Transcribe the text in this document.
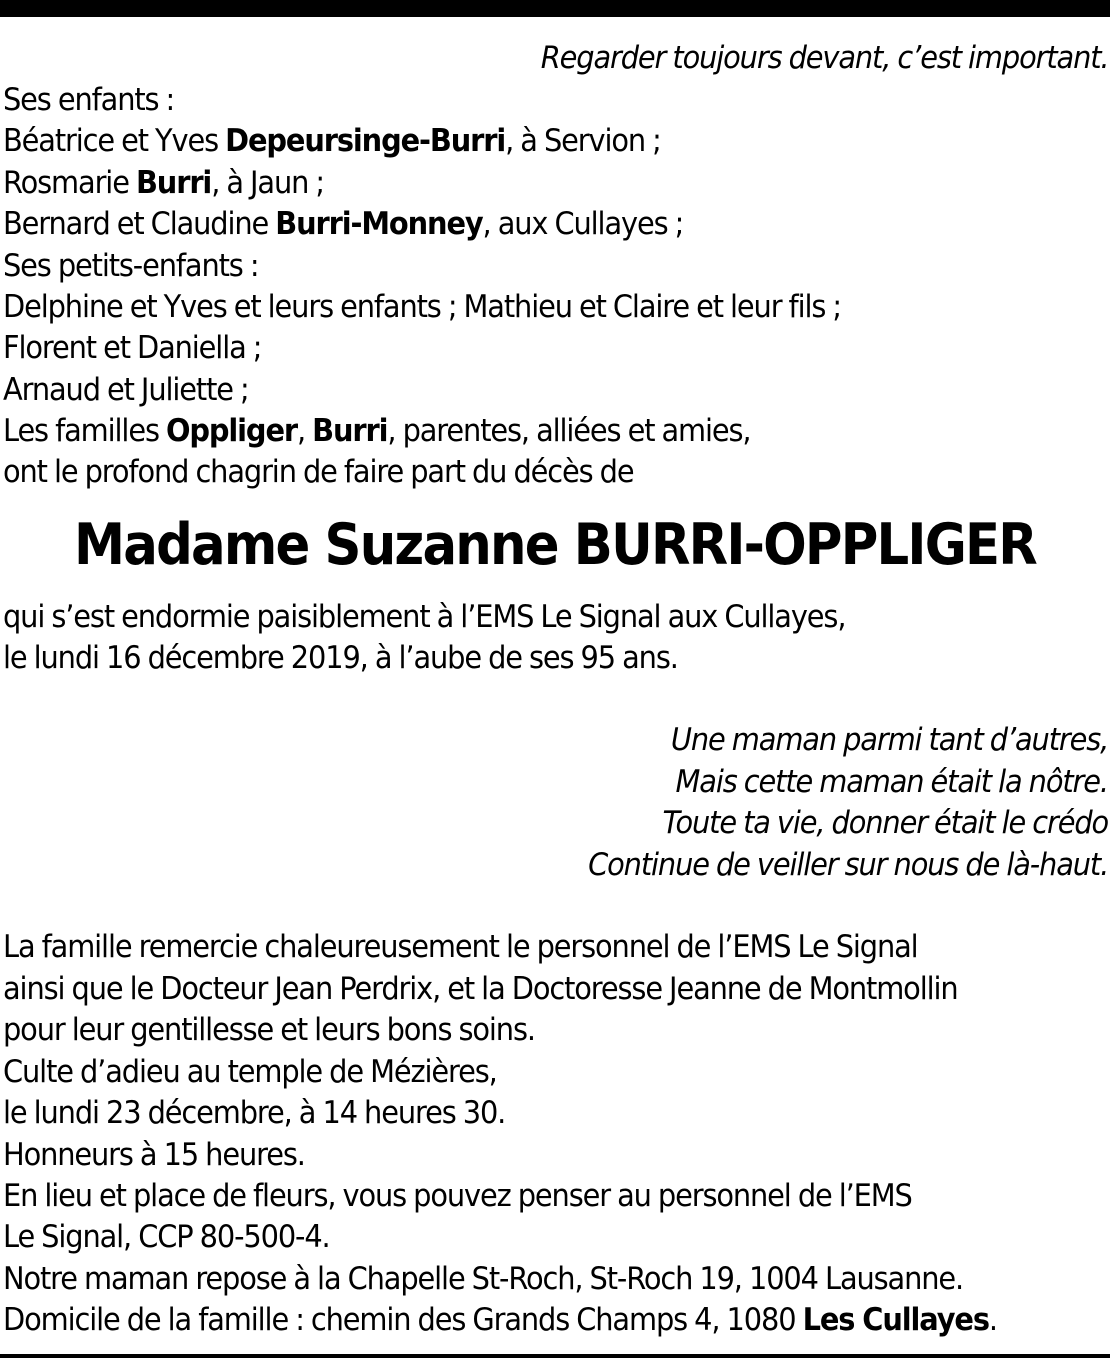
Regarder toujours devant, c’est important.
Ses enfants :
Béatrice et Yves Depeursinge-Burri, à Servion ;
Rosmarie Burri, à Jaun ;
Bernard et Claudine Burri-Monney, aux Cullayes ;
Ses petits-enfants :
Delphine et Yves et leurs enfants ; Mathieu et Claire et leur fils ;
Florent et Daniella ;
Arnaud et Juliette ;
Les familles Oppliger, Burri, parentes, alliées et amies,
ont le profond chagrin de faire part du décès de
Madame Suzanne BURRI-OPPLIGER
qui s’est endormie paisiblement à l’EMS Le Signal aux Cullayes,
le lundi 16 décembre 2019, à l’aube de ses 95 ans.
Une maman parmi tant d’autres,
Mais cette maman était la nôtre.
Toute ta vie, donner était le crédo
Continue de veiller sur nous de là-haut.
La famille remercie chaleureusement le personnel de l’EMS Le Signal
ainsi que le Docteur Jean Perdrix, et la Doctoresse Jeanne de Montmollin
pour leur gentillesse et leurs bons soins.
Culte d’adieu au temple de Mézières,
le lundi 23 décembre, à 14 heures 30.
Honneurs à 15 heures.
En lieu et place de fleurs, vous pouvez penser au personnel de l’EMS
Le Signal, CCP 80-500-4.
Notre maman repose à la Chapelle St-Roch, St-Roch 19, 1004 Lausanne.
Domicile de la famille : chemin des Grands Champs 4, 1080 Les Cullayes.
